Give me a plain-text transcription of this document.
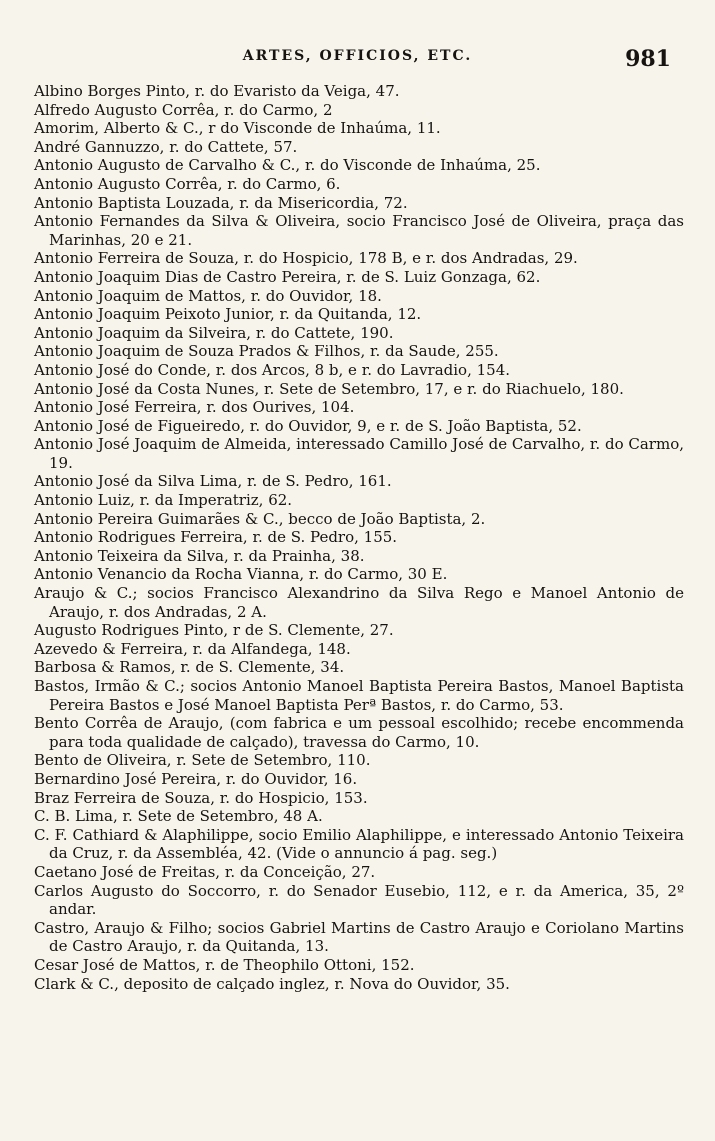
ARTES, OFFICIOS, ETC.	981
Albino Borges Pinto, r. do Evaristo da Veiga, 47.
Alfredo Augusto Corrêa, r. do Carmo, 2
Amorim, Alberto & C., r do Visconde de Inhaúma, 11.
André Gannuzzo, r. do Cattete, 57.
Antonio Augusto de Carvalho & C., r. do Visconde de Inhaúma, 25.
Antonio Augusto Corrêa, r. do Carmo, 6.
Antonio Baptista Louzada, r. da Misericordia, 72.
Antonio Fernandes da Silva & Oliveira, socio Francisco José de Oliveira, praça das Marinhas, 20 e 21.
Antonio Ferreira de Souza, r. do Hospicio, 178 B, e r. dos Andradas, 29.
Antonio Joaquim Dias de Castro Pereira, r. de S. Luiz Gonzaga, 62.
Antonio Joaquim de Mattos, r. do Ouvidor, 18.
Antonio Joaquim Peixoto Junior, r. da Quitanda, 12.
Antonio Joaquim da Silveira, r. do Cattete, 190.
Antonio Joaquim de Souza Prados & Filhos, r. da Saude, 255.
Antonio José do Conde, r. dos Arcos, 8 b, e r. do Lavradio, 154.
Antonio José da Costa Nunes, r. Sete de Setembro, 17, e r. do Riachuelo, 180.
Antonio José Ferreira, r. dos Ourives, 104.
Antonio José de Figueiredo, r. do Ouvidor, 9, e r. de S. João Baptista, 52.
Antonio José Joaquim de Almeida, interessado Camillo José de Carvalho, r. do Carmo, 19.
Antonio José da Silva Lima, r. de S. Pedro, 161.
Antonio Luiz, r. da Imperatriz, 62.
Antonio Pereira Guimarães & C., becco de João Baptista, 2.
Antonio Rodrigues Ferreira, r. de S. Pedro, 155.
Antonio Teixeira da Silva, r. da Prainha, 38.
Antonio Venancio da Rocha Vianna, r. do Carmo, 30 E.
Araujo & C.; socios Francisco Alexandrino da Silva Rego e Manoel Antonio de Araujo, r. dos Andradas, 2 A.
Augusto Rodrigues Pinto, r de S. Clemente, 27.
Azevedo & Ferreira, r. da Alfandega, 148.
Barbosa & Ramos, r. de S. Clemente, 34.
Bastos, Irmão & C.; socios Antonio Manoel Baptista Pereira Bastos, Manoel Baptista Pereira Bastos e José Manoel Baptista Perª Bastos, r. do Carmo, 53.
Bento Corrêa de Araujo, (com fabrica e um pessoal escolhido; recebe encommenda para toda qualidade de calçado), travessa do Carmo, 10.
Bento de Oliveira, r. Sete de Setembro, 110.
Bernardino José Pereira, r. do Ouvidor, 16.
Braz Ferreira de Souza, r. do Hospicio, 153.
C. B. Lima, r. Sete de Setembro, 48 A.
C. F. Cathiard & Alaphilippe, socio Emilio Alaphilippe, e interessado Antonio Teixeira da Cruz, r. da Assembléa, 42. (Vide o annuncio á pag. seg.)
Caetano José de Freitas, r. da Conceição, 27.
Carlos Augusto do Soccorro, r. do Senador Eusebio, 112, e r. da America, 35, 2º andar.
Castro, Araujo & Filho; socios Gabriel Martins de Castro Araujo e Coriolano Martins de Castro Araujo, r. da Quitanda, 13.
Cesar José de Mattos, r. de Theophilo Ottoni, 152.
Clark & C., deposito de calçado inglez, r. Nova do Ouvidor, 35.
